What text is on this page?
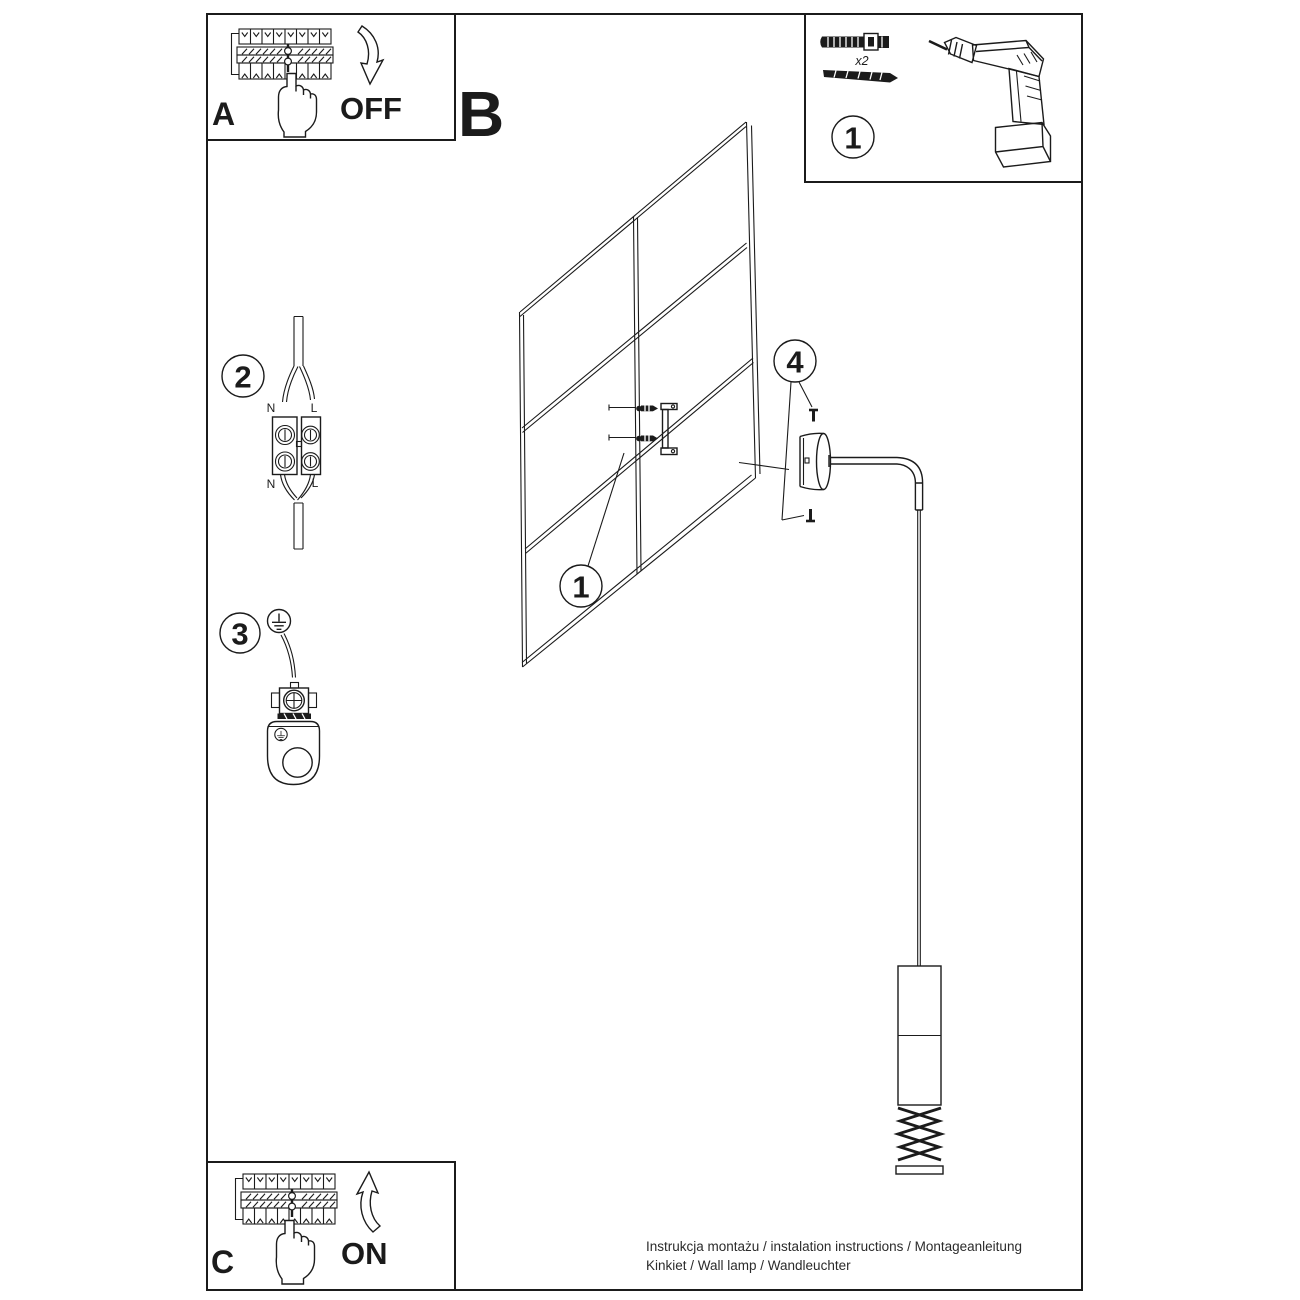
A	B
C
OFF
ON
1
2
3
4
1
N	L
N	L
x2
Instrukcja montażu / instalation instructions / Montageanleitung
Kinkiet / Wall lamp / Wandleuchter
